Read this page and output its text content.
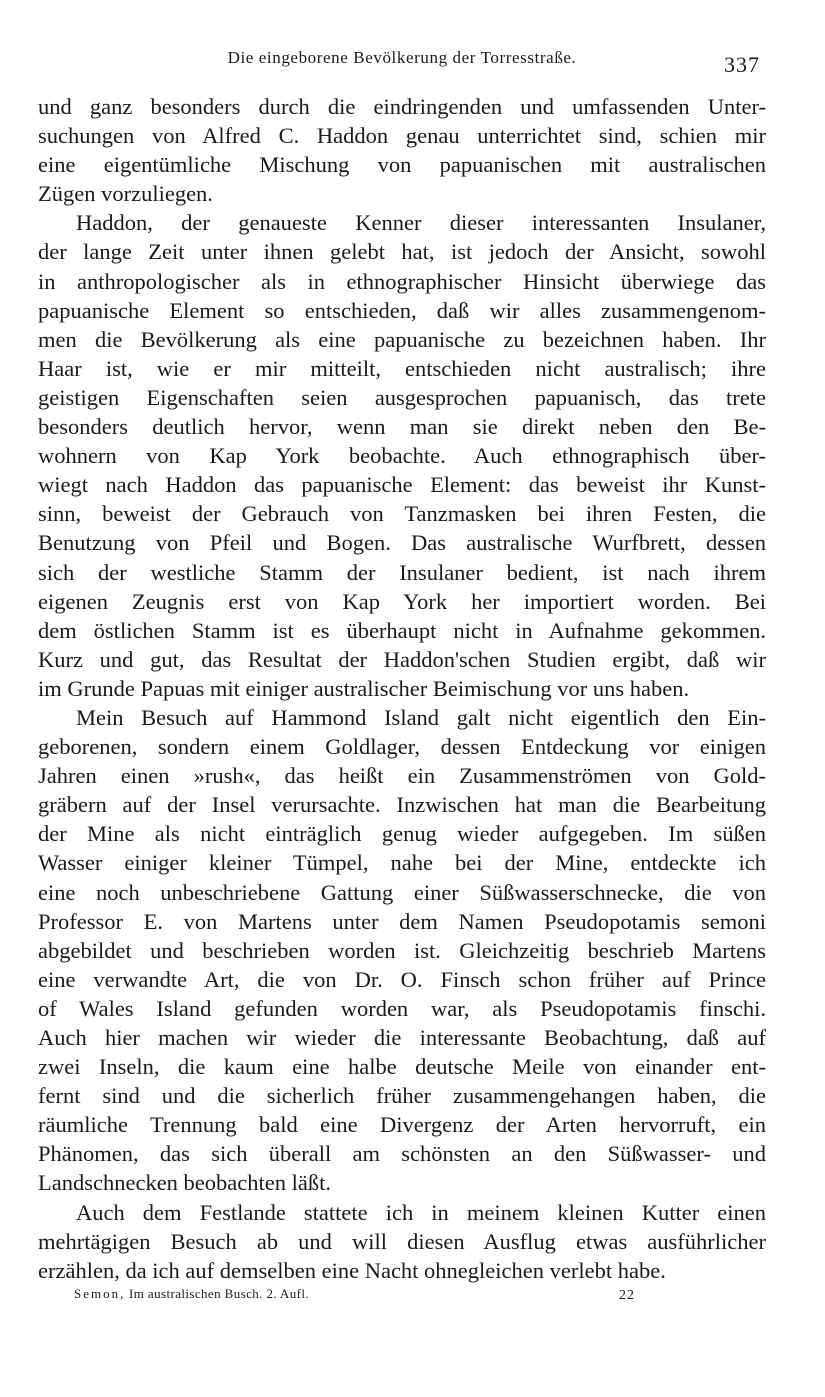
Die eingeborene Bevölkerung der Torresstraße.	337
und ganz besonders durch die eindringenden und umfassenden Unter-
suchungen von Alfred C. Haddon genau unterrichtet sind, schien mir
eine eigentümliche Mischung von papuanischen mit australischen
Zügen vorzuliegen.
Haddon, der genaueste Kenner dieser interessanten Insulaner,
der lange Zeit unter ihnen gelebt hat, ist jedoch der Ansicht, sowohl
in anthropologischer als in ethnographischer Hinsicht überwiege das
papuanische Element so entschieden, daß wir alles zusammengenom-
men die Bevölkerung als eine papuanische zu bezeichnen haben. Ihr
Haar ist, wie er mir mitteilt, entschieden nicht australisch; ihre
geistigen Eigenschaften seien ausgesprochen papuanisch, das trete
besonders deutlich hervor, wenn man sie direkt neben den Be-
wohnern von Kap York beobachte. Auch ethnographisch über-
wiegt nach Haddon das papuanische Element: das beweist ihr Kunst-
sinn, beweist der Gebrauch von Tanzmasken bei ihren Festen, die
Benutzung von Pfeil und Bogen. Das australische Wurfbrett, dessen
sich der westliche Stamm der Insulaner bedient, ist nach ihrem
eigenen Zeugnis erst von Kap York her importiert worden. Bei
dem östlichen Stamm ist es überhaupt nicht in Aufnahme gekommen.
Kurz und gut, das Resultat der Haddon'schen Studien ergibt, daß wir
im Grunde Papuas mit einiger australischer Beimischung vor uns haben.
Mein Besuch auf Hammond Island galt nicht eigentlich den Ein-
geborenen, sondern einem Goldlager, dessen Entdeckung vor einigen
Jahren einen »rush«, das heißt ein Zusammenströmen von Gold-
gräbern auf der Insel verursachte. Inzwischen hat man die Bearbeitung
der Mine als nicht einträglich genug wieder aufgegeben. Im süßen
Wasser einiger kleiner Tümpel, nahe bei der Mine, entdeckte ich
eine noch unbeschriebene Gattung einer Süßwasserschnecke, die von
Professor E. von Martens unter dem Namen Pseudopotamis semoni
abgebildet und beschrieben worden ist. Gleichzeitig beschrieb Martens
eine verwandte Art, die von Dr. O. Finsch schon früher auf Prince
of Wales Island gefunden worden war, als Pseudopotamis finschi.
Auch hier machen wir wieder die interessante Beobachtung, daß auf
zwei Inseln, die kaum eine halbe deutsche Meile von einander ent-
fernt sind und die sicherlich früher zusammengehangen haben, die
räumliche Trennung bald eine Divergenz der Arten hervorruft, ein
Phänomen, das sich überall am schönsten an den Süßwasser- und
Landschnecken beobachten läßt.
Auch dem Festlande stattete ich in meinem kleinen Kutter einen
mehrtägigen Besuch ab und will diesen Ausflug etwas ausführlicher
erzählen, da ich auf demselben eine Nacht ohnegleichen verlebt habe.
Semon, Im australischen Busch. 2. Aufl.	22
